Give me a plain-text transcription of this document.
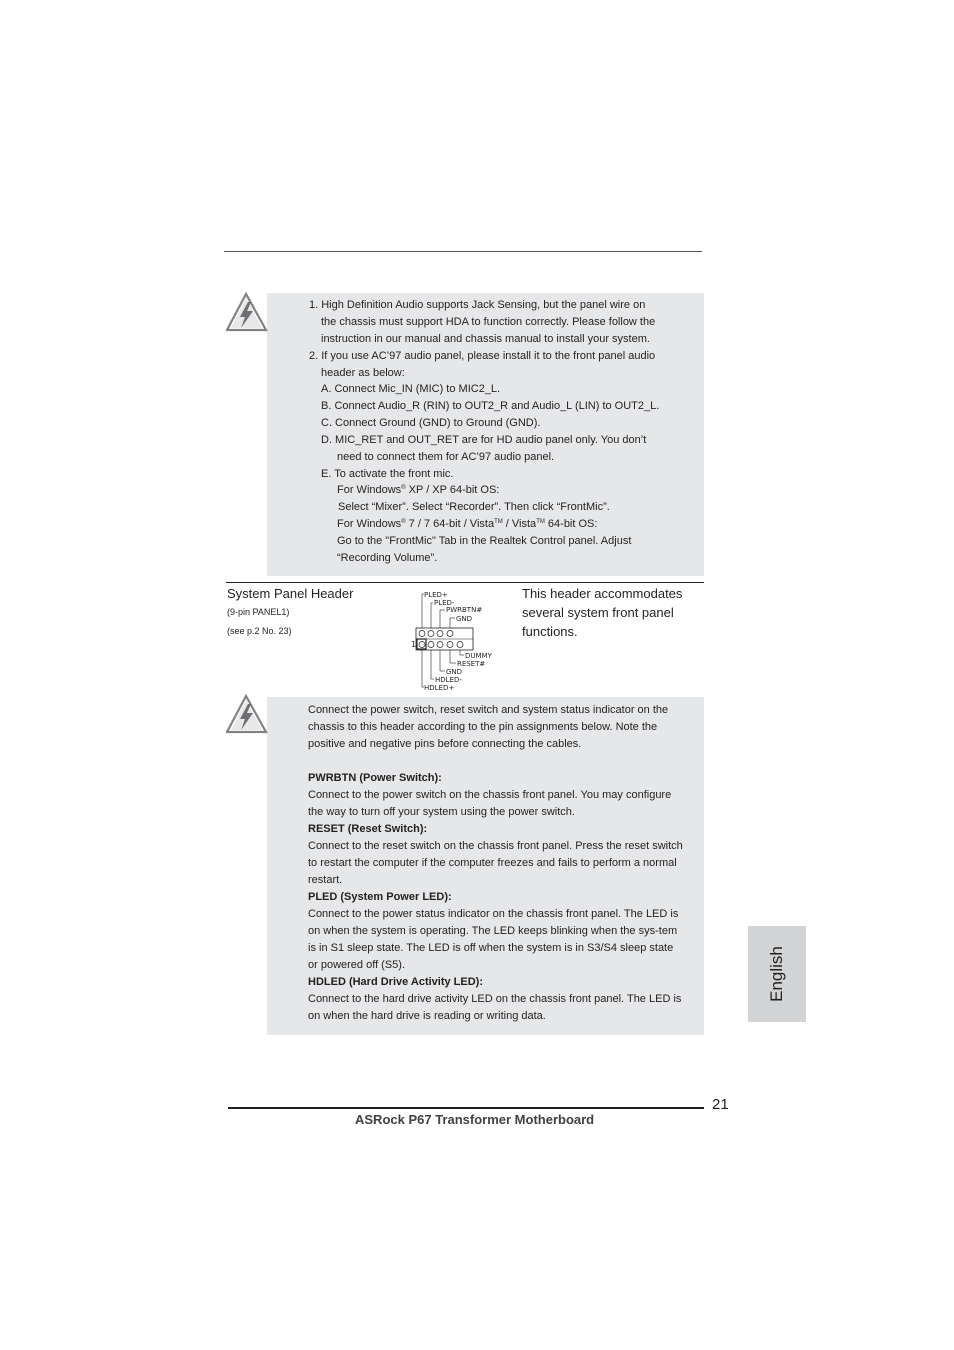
1. High Definition Audio supports Jack Sensing, but the panel wire on
the chassis must support HDA to function correctly. Please follow the
instruction in our manual and chassis manual to install your system.
2. If you use AC’97 audio panel, please install it to the front panel audio
header as below:
A. Connect Mic_IN (MIC) to MIC2_L.
B. Connect Audio_R (RIN) to OUT2_R and Audio_L (LIN) to OUT2_L.
C. Connect Ground (GND) to Ground (GND).
D. MIC_RET and OUT_RET are for HD audio panel only. You don’t
need to connect them for AC’97 audio panel.
E. To activate the front mic.
For Windows® XP / XP 64-bit OS:
Select “Mixer”. Select “Recorder”. Then click “FrontMic”.
For Windows® 7 / 7 64-bit / Vista™ / Vista™ 64-bit OS:
Go to the "FrontMic" Tab in the Realtek Control panel. Adjust
“Recording Volume”.
System Panel Header
(9-pin PANEL1)
(see p.2 No. 23)
This header accommodates
several system front panel
functions.
PLED+
PLED-
PWRBTN#
GND
1
DUMMY
RESET#
GND
HDLED-
HDLED+

Connect the power switch, reset switch and system status indicator on the chassis to this header according to the pin assignments below. Note the positive and negative pins before connecting the cables.

PWRBTN (Power Switch):

Connect to the power switch on the chassis front panel. You may configure the way to turn off your system using the power switch.

RESET (Reset Switch):

Connect to the reset switch on the chassis front panel. Press the reset switch to restart the computer if the computer freezes and fails to perform a normal restart.

PLED (System Power LED):

Connect to the power status indicator on the chassis front panel. The LED is on when the system is operating. The LED keeps blinking when the sys-tem is in S1 sleep state. The LED is off when the system is in S3/S4 sleep state or powered off (S5).

HDLED (Hard Drive Activity LED):

Connect to the hard drive activity LED on the chassis front panel. The LED is on when the hard drive is reading or writing data.

English
21
ASRock P67 Transformer Motherboard
